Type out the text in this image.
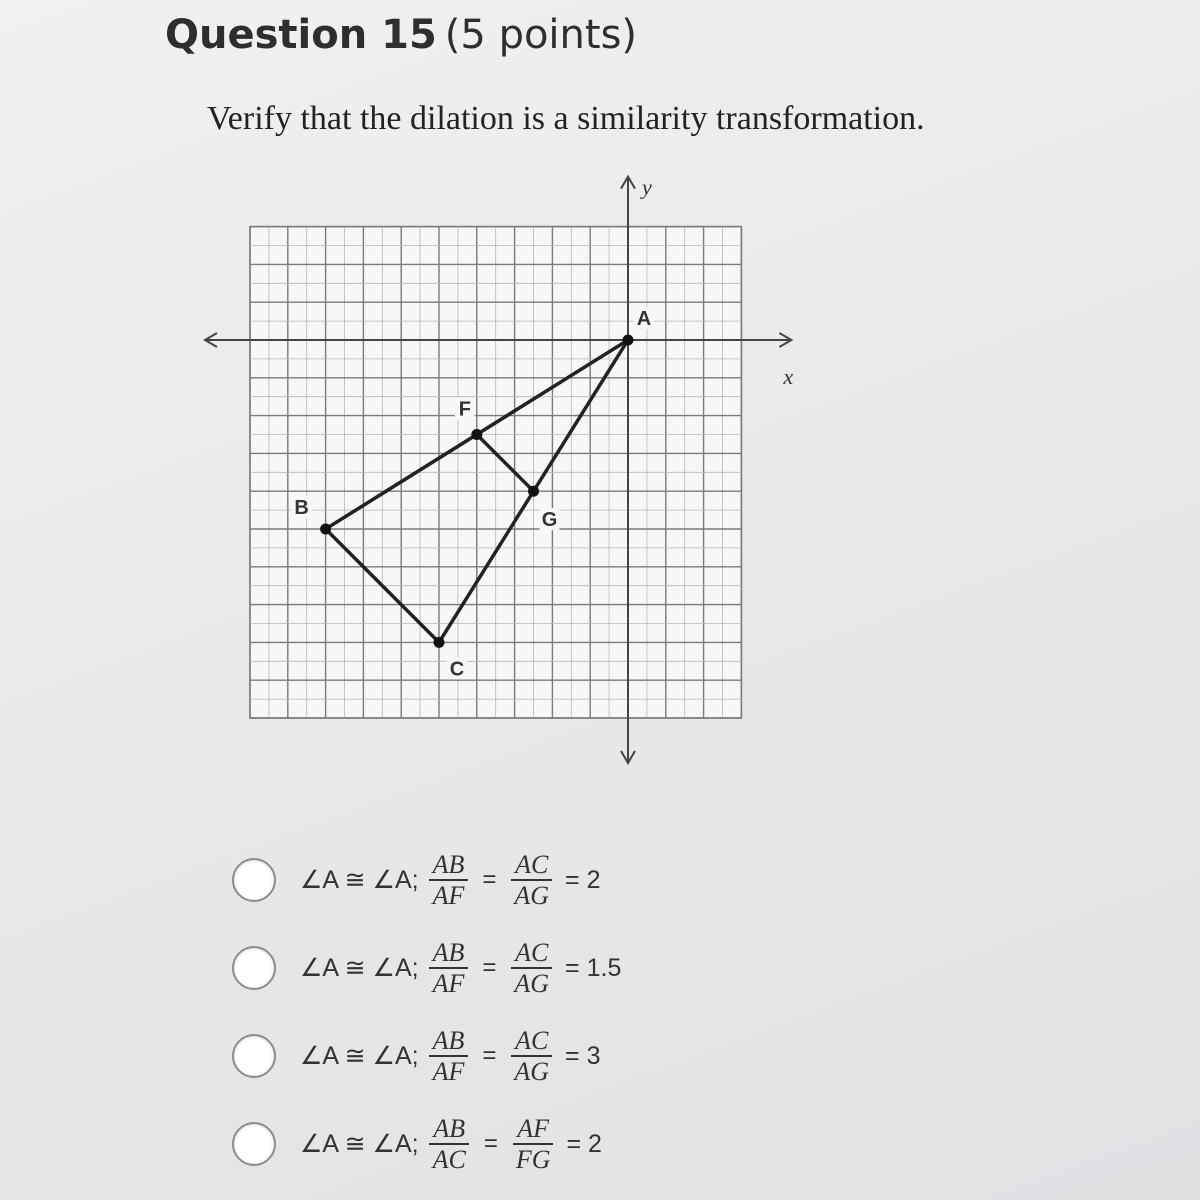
Question 15 (5 points)
Verify that the dilation is a similarity transformation.
x
y
A
B
C
F
G
∠A ≅ ∠A; $\frac{AB}{AF} = \frac{AC}{AG} = 2$
∠A ≅ ∠A; $\frac{AB}{AF} = \frac{AC}{AG} = 1.5$
∠A ≅ ∠A; $\frac{AB}{AF} = \frac{AC}{AG} = 3$
∠A ≅ ∠A; $\frac{AB}{AC} = \frac{AF}{FG} = 2$
